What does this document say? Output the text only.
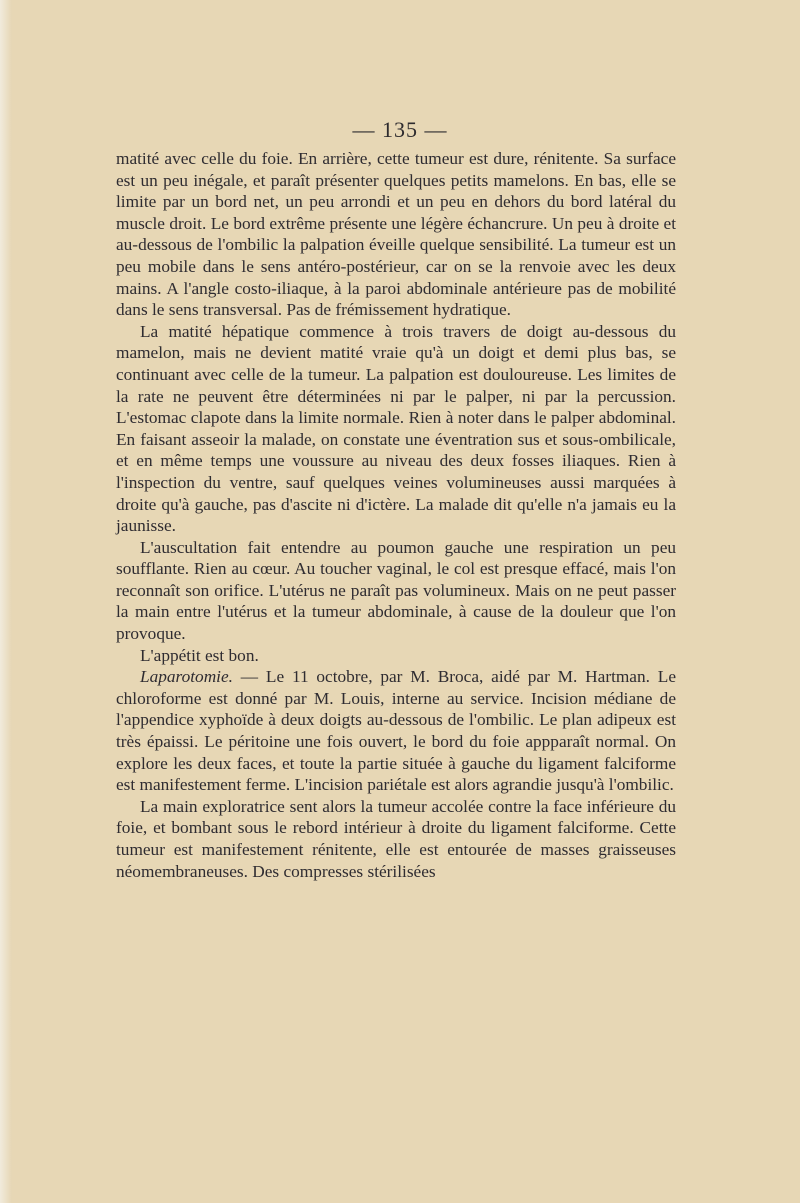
— 135 —

matité avec celle du foie. En arrière, cette tumeur est dure, rénitente. Sa surface est un peu inégale, et paraît présenter quelques petits mamelons. En bas, elle se limite par un bord net, un peu arrondi et un peu en dehors du bord latéral du muscle droit. Le bord extrême présente une légère échancrure. Un peu à droite et au-dessous de l'ombilic la palpation éveille quelque sensibilité. La tumeur est un peu mobile dans le sens antéro-postérieur, car on se la renvoie avec les deux mains. A l'angle costo-iliaque, à la paroi abdominale antérieure pas de mobilité dans le sens transversal. Pas de frémissement hydratique.

La matité hépatique commence à trois travers de doigt au-dessous du mamelon, mais ne devient matité vraie qu'à un doigt et demi plus bas, se continuant avec celle de la tumeur. La palpation est douloureuse. Les limites de la rate ne peuvent être déterminées ni par le palper, ni par la percussion. L'estomac clapote dans la limite normale. Rien à noter dans le palper abdominal. En faisant asseoir la malade, on constate une éventration sus et sous-ombilicale, et en même temps une voussure au niveau des deux fosses iliaques. Rien à l'inspection du ventre, sauf quelques veines volumineuses aussi marquées à droite qu'à gauche, pas d'ascite ni d'ictère. La malade dit qu'elle n'a jamais eu la jaunisse.

L'auscultation fait entendre au poumon gauche une respiration un peu soufflante. Rien au cœur. Au toucher vaginal, le col est presque effacé, mais l'on reconnaît son orifice. L'utérus ne paraît pas volumineux. Mais on ne peut passer la main entre l'utérus et la tumeur abdominale, à cause de la douleur que l'on provoque.

L'appétit est bon.

Laparotomie. — Le 11 octobre, par M. Broca, aidé par M. Hartman. Le chloroforme est donné par M. Louis, interne au service. Incision médiane de l'appendice xyphoïde à deux doigts au-dessous de l'ombilic. Le plan adipeux est très épaissi. Le péritoine une fois ouvert, le bord du foie appparaît normal. On explore les deux faces, et toute la partie située à gauche du ligament falciforme est manifestement ferme. L'incision pariétale est alors agrandie jusqu'à l'ombilic.

La main exploratrice sent alors la tumeur accolée contre la face inférieure du foie, et bombant sous le rebord intérieur à droite du ligament falciforme. Cette tumeur est manifestement rénitente, elle est entourée de masses graisseuses néomembraneuses. Des compresses stérilisées
